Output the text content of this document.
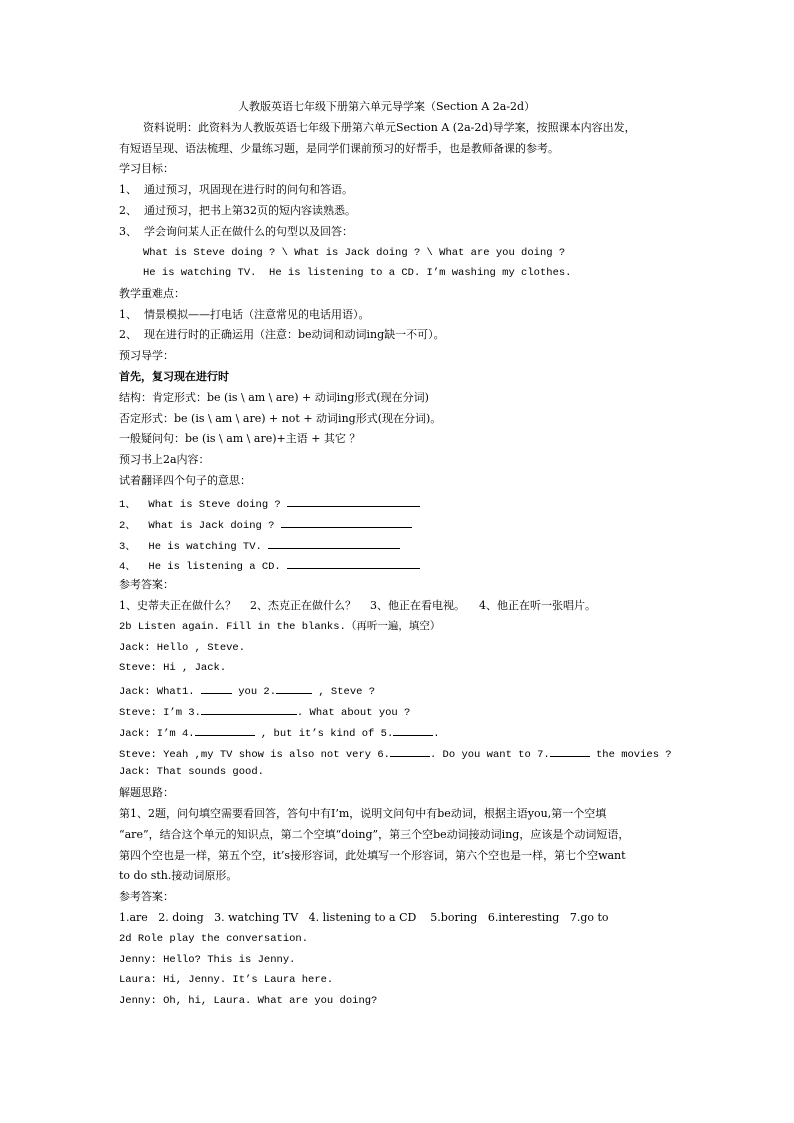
人教版英语七年级下册第六单元导学案（Section A 2a-2d）
资料说明：此资料为人教版英语七年级下册第六单元Section A (2a-2d)导学案，按照课本内容出发，
有短语呈现、语法梳理、少量练习题，是同学们课前预习的好帮手，也是教师备课的参考。
学习目标：
1、  通过预习，巩固现在进行时的问句和答语。
2、  通过预习，把书上第32页的短内容读熟悉。
3、  学会询问某人正在做什么的句型以及回答：
What is Steve doing ? \ What is Jack doing ? \ What are you doing ?
He is watching TV.  He is listening to a CD. I’m washing my clothes.
教学重难点：
1、  情景模拟——打电话（注意常见的电话用语）。
2、  现在进行时的正确运用（注意：be动词和动词ing缺一不可）。
预习导学：
首先，复习现在进行时
结构：肯定形式：be (is \ am \ are) + 动词ing形式(现在分词)
否定形式：be (is \ am \ are) + not + 动词ing形式(现在分词)。
一般疑问句：be (is \ am \ are)+主语 + 其它 ？
预习书上2a内容：
试着翻译四个句子的意思：
1、  What is Steve doing ?
2、  What is Jack doing ?
3、  He is watching TV.
4、  He is listening a CD.
参考答案：
1、史蒂夫正在做什么？    2、杰克正在做什么？    3、他正在看电视。    4、他正在听一张唱片。
2b Listen again. Fill in the blanks.（再听一遍，填空）
Jack: Hello , Steve.
Steve: Hi , Jack.
Jack: What1.	you 2.	, Steve ?
Steve: I’m 3.	. What about you ?
Jack: I’m 4.	, but it’s kind of 5.	.
Steve: Yeah ,my TV show is also not very 6.	. Do you want to 7.	the movies ?
Jack: That sounds good.
解题思路：
第1、2题，问句填空需要看回答，答句中有I’m，说明文问句中有be动词，根据主语you,第一个空填
“are”，结合这个单元的知识点，第二个空填“doing”，第三个空be动词接动词ing，应该是个动词短语，
第四个空也是一样，第五个空，it’s接形容词，此处填写一个形容词，第六个空也是一样，第七个空want
to do sth.接动词原形。
参考答案：
1.are   2. doing   3. watching TV   4. listening to a CD    5.boring   6.interesting   7.go to
2d Role play the conversation.
Jenny: Hello? This is Jenny.
Laura: Hi, Jenny. It’s Laura here.
Jenny: Oh, hi, Laura. What are you doing?
